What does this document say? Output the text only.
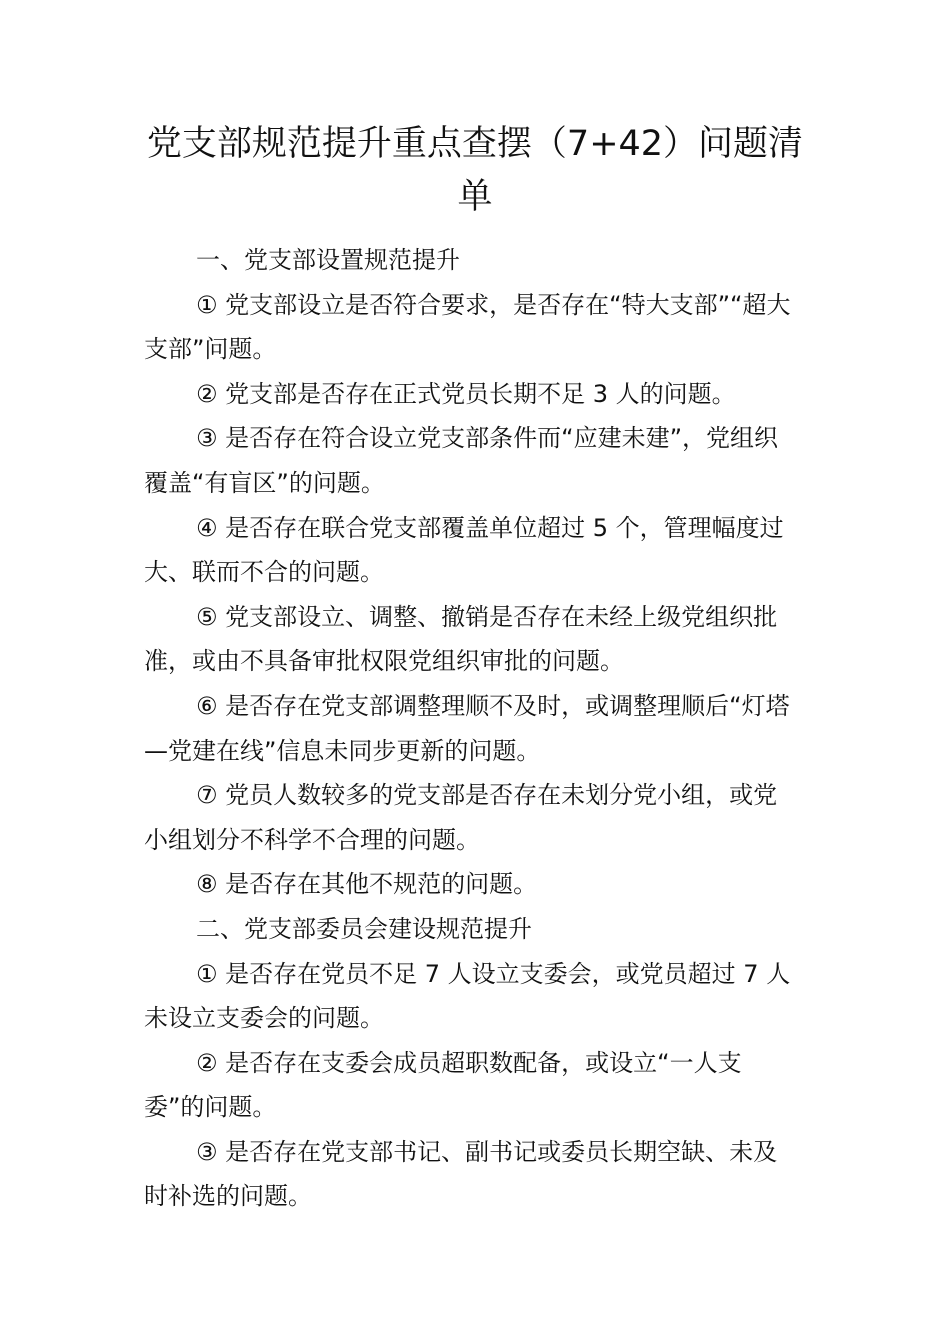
党支部规范提升重点查摆（7+42）问题清单

一、党支部设置规范提升

① 党支部设立是否符合要求，是否存在“特大支部”“超大支部”问题。

② 党支部是否存在正式党员长期不足 3 人的问题。

③ 是否存在符合设立党支部条件而“应建未建”，党组织覆盖“有盲区”的问题。

④ 是否存在联合党支部覆盖单位超过 5 个，管理幅度过大、联而不合的问题。

⑤ 党支部设立、调整、撤销是否存在未经上级党组织批准，或由不具备审批权限党组织审批的问题。

⑥ 是否存在党支部调整理顺不及时，或调整理顺后“灯塔—党建在线”信息未同步更新的问题。

⑦ 党员人数较多的党支部是否存在未划分党小组，或党小组划分不科学不合理的问题。

⑧ 是否存在其他不规范的问题。

二、党支部委员会建设规范提升

① 是否存在党员不足 7 人设立支委会，或党员超过 7 人未设立支委会的问题。

② 是否存在支委会成员超职数配备，或设立“一人支委”的问题。

③ 是否存在党支部书记、副书记或委员长期空缺、未及时补选的问题。
